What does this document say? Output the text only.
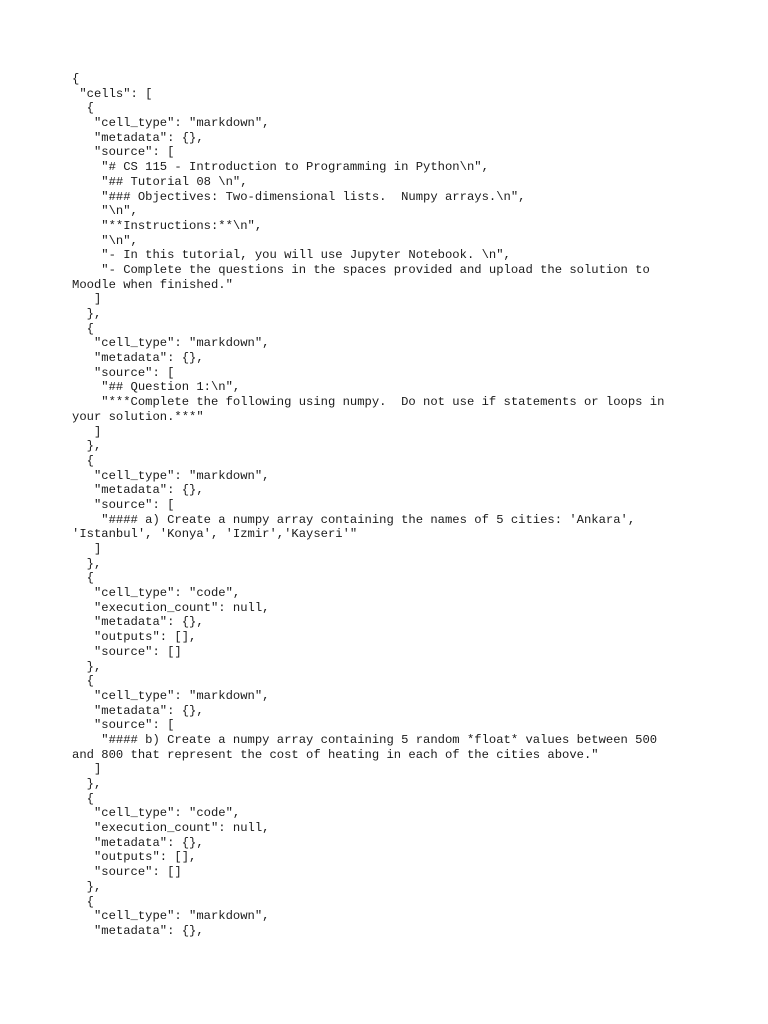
{
"cells": [
{
"cell_type": "markdown",
"metadata": {},
"source": [
"# CS 115 - Introduction to Programming in Python\n",
"## Tutorial 08 \n",
"### Objectives: Two-dimensional lists.  Numpy arrays.\n",
"\n",
"**Instructions:**\n",
"\n",
"- In this tutorial, you will use Jupyter Notebook. \n",
"- Complete the questions in the spaces provided and upload the solution to
Moodle when finished."
]
},
{
"cell_type": "markdown",
"metadata": {},
"source": [
"## Question 1:\n",
"***Complete the following using numpy.  Do not use if statements or loops in
your solution.***"
]
},
{
"cell_type": "markdown",
"metadata": {},
"source": [
"#### a) Create a numpy array containing the names of 5 cities: 'Ankara',
'Istanbul', 'Konya', 'Izmir','Kayseri'"
]
},
{
"cell_type": "code",
"execution_count": null,
"metadata": {},
"outputs": [],
"source": []
},
{
"cell_type": "markdown",
"metadata": {},
"source": [
"#### b) Create a numpy array containing 5 random *float* values between 500
and 800 that represent the cost of heating in each of the cities above."
]
},
{
"cell_type": "code",
"execution_count": null,
"metadata": {},
"outputs": [],
"source": []
},
{
"cell_type": "markdown",
"metadata": {},
